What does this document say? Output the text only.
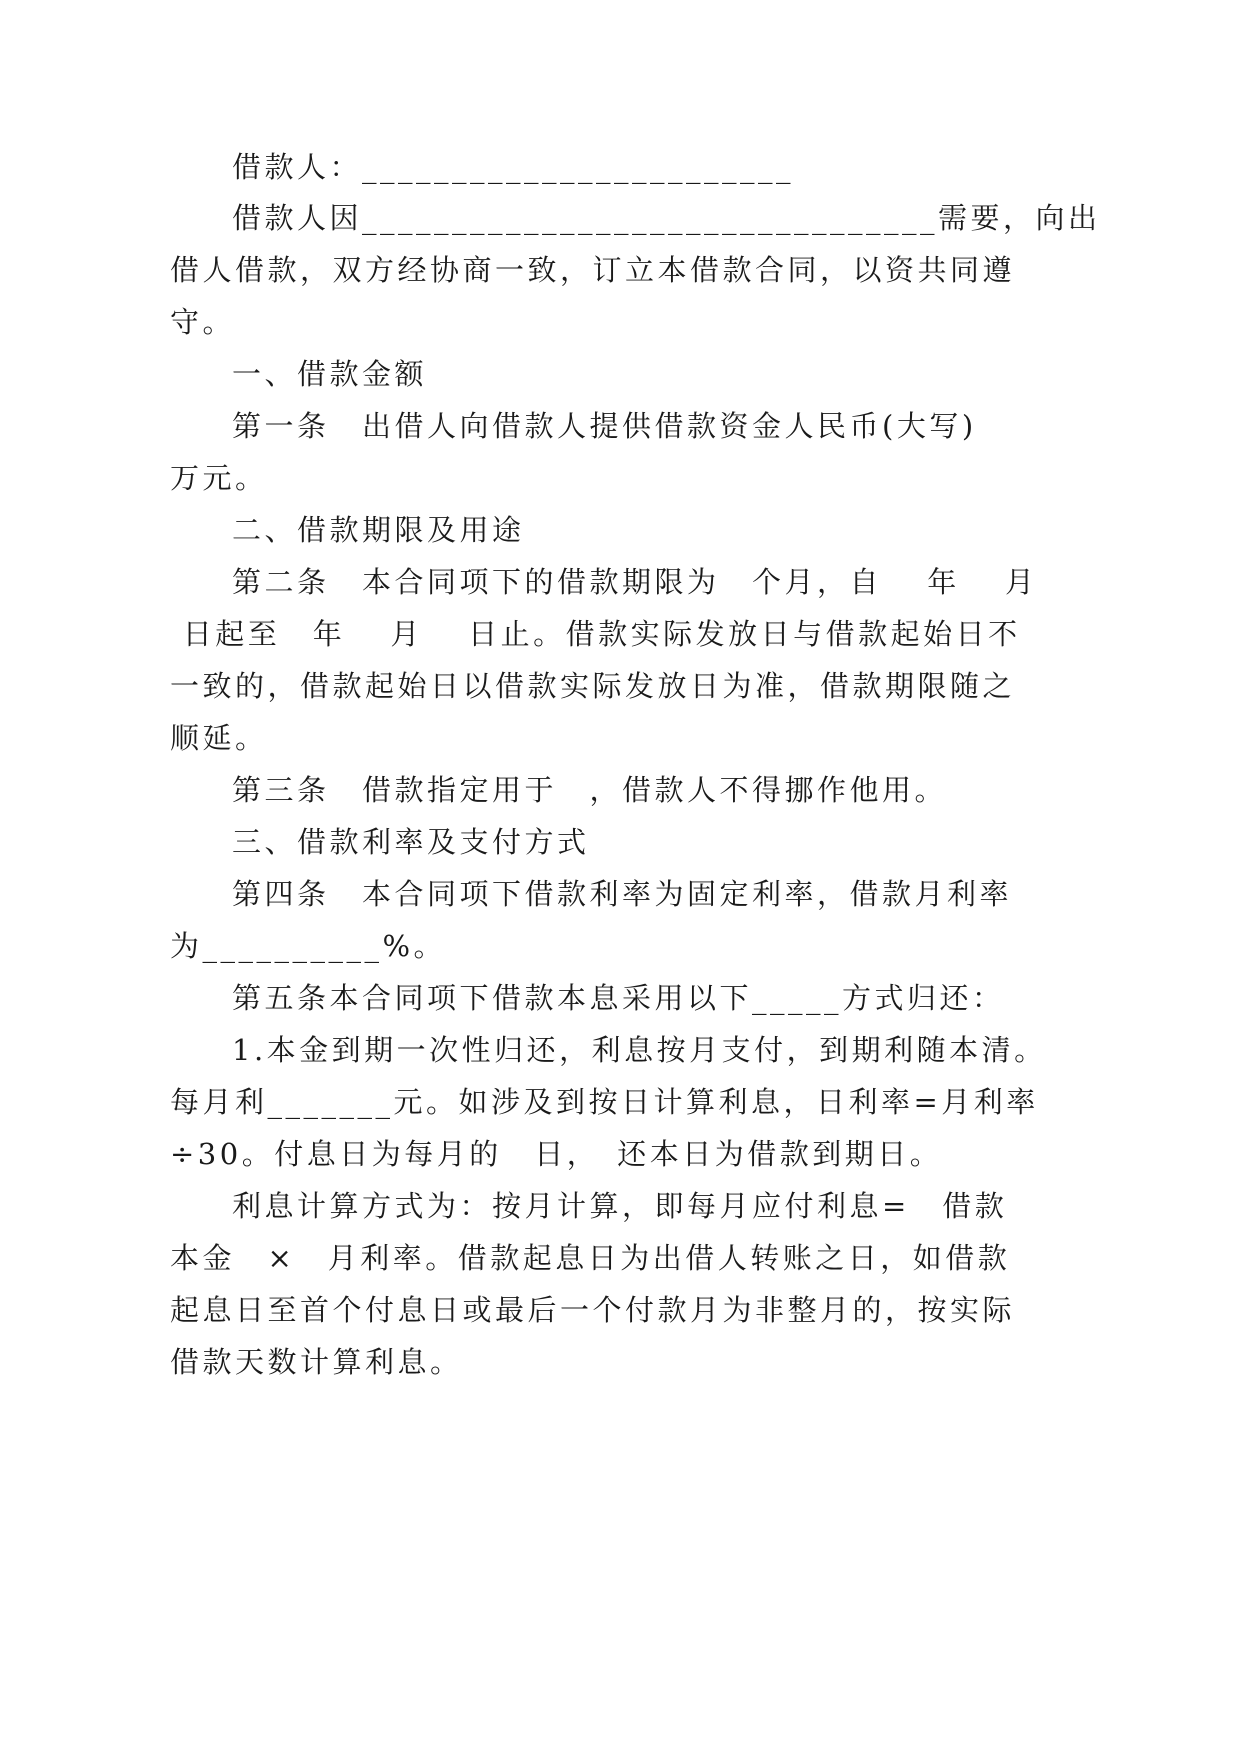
借款人：________________________
借款人因________________________________需要，向出
借人借款，双方经协商一致，订立本借款合同，以资共同遵
守。
一、借款金额
第一条　出借人向借款人提供借款资金人民币(大写)
万元。
二、借款期限及用途
第二条　本合同项下的借款期限为　个月，自　 年　 月
日起至　年　 月　 日止。借款实际发放日与借款起始日不
一致的，借款起始日以借款实际发放日为准，借款期限随之
顺延。
第三条　借款指定用于　，借款人不得挪作他用。
三、借款利率及支付方式
第四条　本合同项下借款利率为固定利率，借款月利率
为__________%。
第五条本合同项下借款本息采用以下_____方式归还：
1.本金到期一次性归还，利息按月支付，到期利随本清。
每月利_______元。如涉及到按日计算利息，日利率=月利率
÷30。付息日为每月的　日，　还本日为借款到期日。
利息计算方式为：按月计算，即每月应付利息=　借款
本金　×　月利率。借款起息日为出借人转账之日，如借款
起息日至首个付息日或最后一个付款月为非整月的，按实际
借款天数计算利息。
